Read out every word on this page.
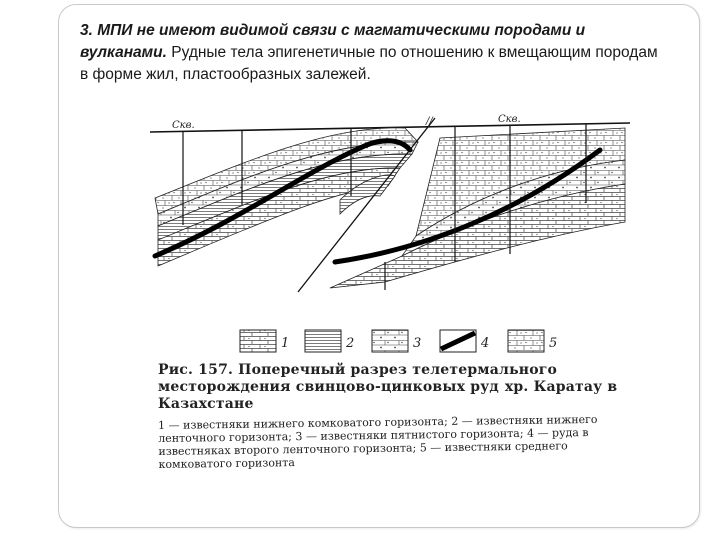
3. МПИ не имеют видимой связи с магматическими породами и вулканами. Рудные тела эпигенетичные по отношению к вмещающим породам в форме жил, пластообразных залежей.
//
Скв.
Скв.
1	2	3	4	5
Рис. 157. Поперечный разрез телетермального месторождения свинцово-цинковых руд хр. Каратау в Казахстане
1 — известняки нижнего комковатого горизонта; 2 — известняки нижнего ленточного горизонта; 3 — известняки пятнистого горизонта; 4 — руда в известняках второго ленточного горизонта; 5 — известняки среднего комковатого горизонта
